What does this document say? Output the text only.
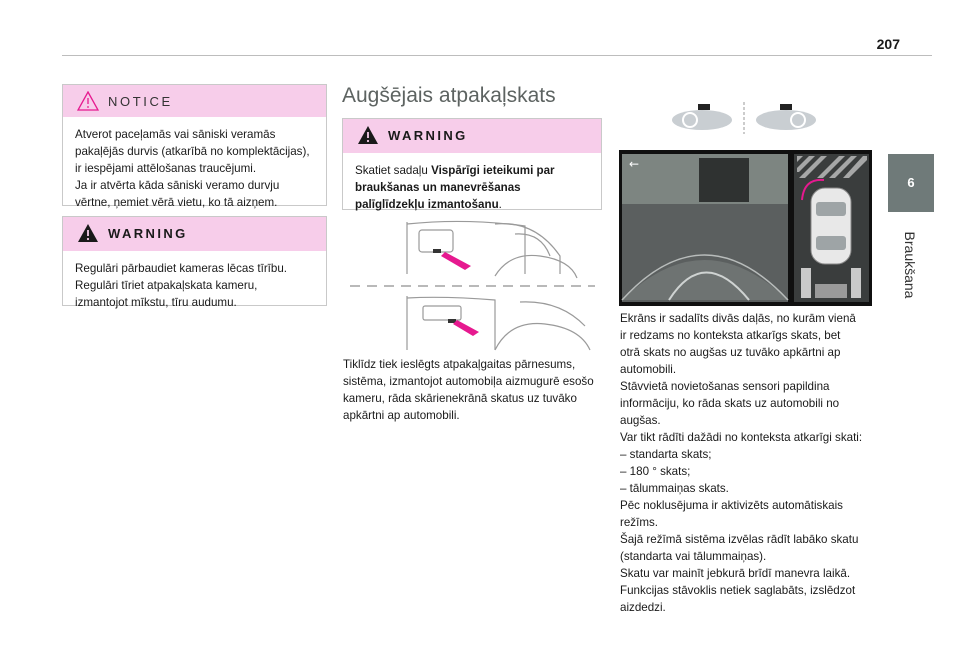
207
6
Braukšana
NOTICE
Atverot paceļamās vai sāniski veramās
pakaļējās durvis (atkarībā no komplektācijas),
ir iespējami attēlošanas traucējumi.
Ja ir atvērta kāda sāniski veramo durvju
vērtne, ņemiet vērā vietu, ko tā aizņem.
WARNING
Regulāri pārbaudiet kameras lēcas tīrību.
Regulāri tīriet atpakaļskata kameru,
izmantojot mīkstu, tīru audumu.
Augšējais atpakaļskats
WARNING
Skatiet sadaļu Vispārīgi ieteikumi par
braukšanas un manevrēšanas
palīglīdzekļu izmantošanu.
Tiklīdz tiek ieslēgts atpakaļgaitas pārnesums,
sistēma, izmantojot automobiļa aizmugurē esošo
kameru, rāda skārienekrānā skatus uz tuvāko
apkārtni ap automobili.
←
Ekrāns ir sadalīts divās daļās, no kurām vienā
ir redzams no konteksta atkarīgs skats, bet
otrā skats no augšas uz tuvāko apkārtni ap
automobili.
Stāvvietā novietošanas sensori papildina
informāciju, ko rāda skats uz automobili no
augšas.
Var tikt rādīti dažādi no konteksta atkarīgi skati:
– standarta skats;
– 180 ° skats;
– tālummaiņas skats.
Pēc noklusējuma ir aktivizēts automātiskais
režīms.
Šajā režīmā sistēma izvēlas rādīt labāko skatu
(standarta vai tālummaiņas).
Skatu var mainīt jebkurā brīdī manevra laikā.
Funkcijas stāvoklis netiek saglabāts, izslēdzot
aizdedzi.
